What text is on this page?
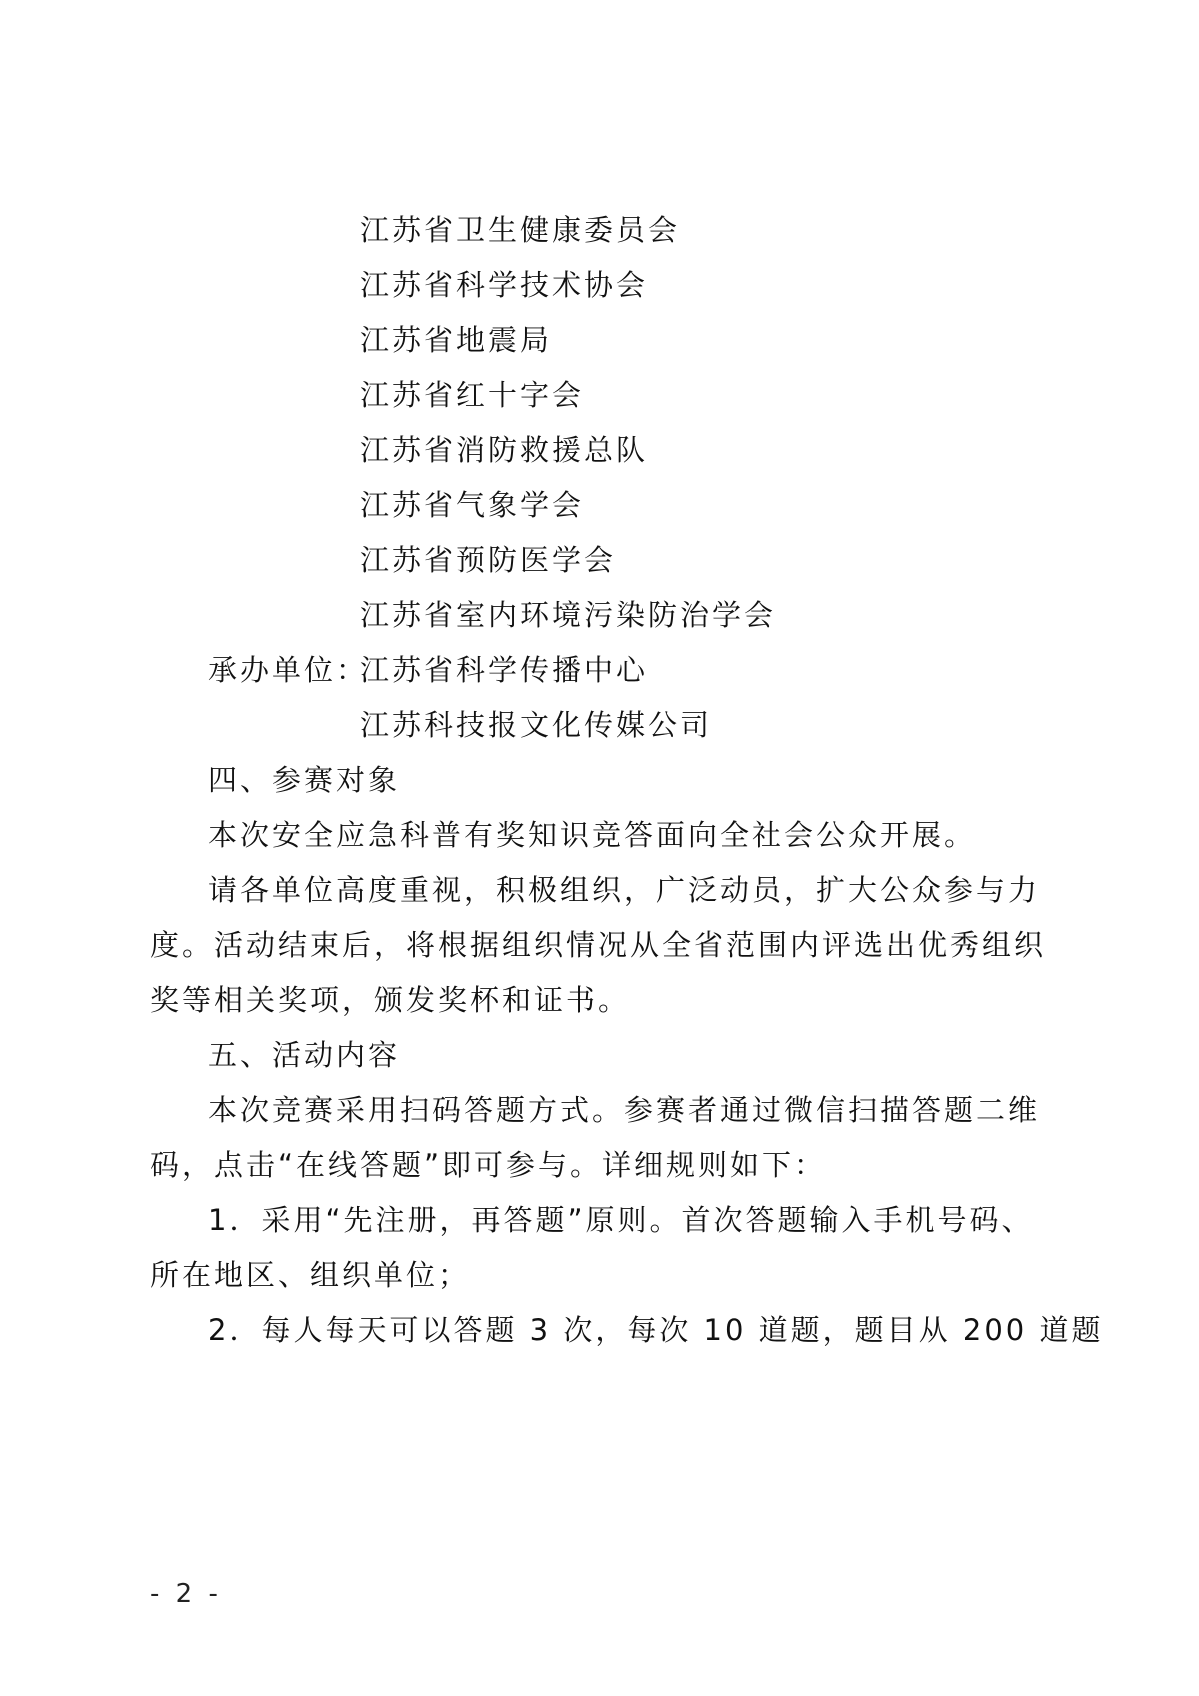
江苏省卫生健康委员会
江苏省科学技术协会
江苏省地震局
江苏省红十字会
江苏省消防救援总队
江苏省气象学会
江苏省预防医学会
江苏省室内环境污染防治学会
承办单位：
江苏省科学传播中心
江苏科技报文化传媒公司
四、参赛对象
本次安全应急科普有奖知识竞答面向全社会公众开展。
请各单位高度重视，积极组织，广泛动员，扩大公众参与力
度。活动结束后，将根据组织情况从全省范围内评选出优秀组织
奖等相关奖项，颁发奖杯和证书。
五、活动内容
本次竞赛采用扫码答题方式。参赛者通过微信扫描答题二维
码，点击“在线答题”即可参与。详细规则如下：
1．采用“先注册，再答题”原则。首次答题输入手机号码、
所在地区、组织单位；
2．每人每天可以答题 3 次，每次 10 道题，题目从 200 道题
- 2 -
